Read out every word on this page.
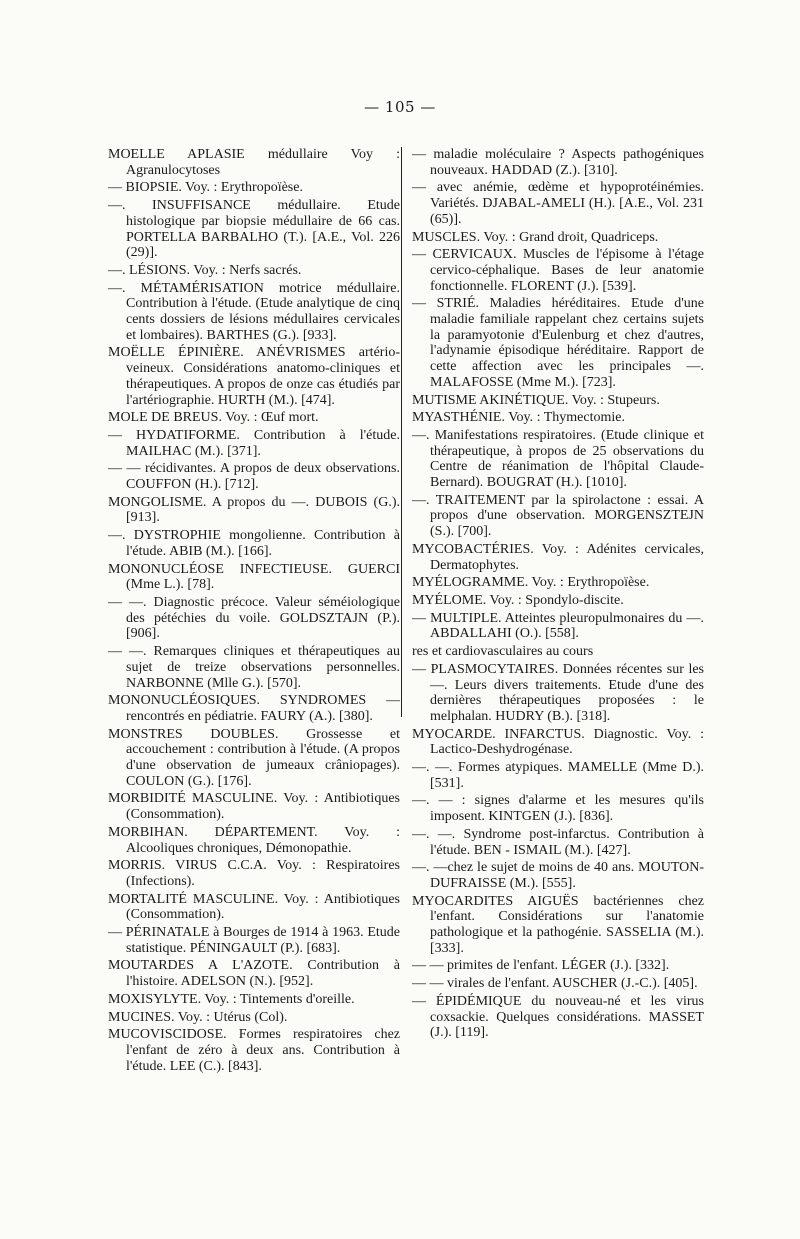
— 105 —

MOELLE APLASIE médullaire Voy : Agranulocytoses

— BIOPSIE. Voy. : Erythropoïèse.

—. INSUFFISANCE médullaire. Etude histologique par biopsie médullaire de 66 cas. PORTELLA BARBALHO (T.). [A.E., Vol. 226 (29)].

—. LÉSIONS. Voy. : Nerfs sacrés.

—. MÉTAMÉRISATION motrice médullaire. Contribution à l'étude. (Etude analytique de cinq cents dossiers de lésions médullaires cervicales et lombaires). BARTHES (G.). [933].

MOËLLE ÉPINIÈRE. ANÉVRISMES artério-veineux. Considérations anatomo-cliniques et thérapeutiques. A propos de onze cas étudiés par l'artériographie. HURTH (M.). [474].

MOLE DE BREUS. Voy. : Œuf mort.

— HYDATIFORME. Contribution à l'étude. MAILHAC (M.). [371].

— — récidivantes. A propos de deux observations. COUFFON (H.). [712].

MONGOLISME. A propos du —. DUBOIS (G.). [913].

—. DYSTROPHIE mongolienne. Contribution à l'étude. ABIB (M.). [166].

MONONUCLÉOSE INFECTIEUSE. GUERCI (Mme L.). [78].

— —. Diagnostic précoce. Valeur séméiologique des pétéchies du voile. GOLDSZTAJN (P.). [906].

— —. Remarques cliniques et thérapeutiques au sujet de treize observations personnelles. NARBONNE (Mlle G.). [570].

MONONUCLÉOSIQUES. SYNDROMES — rencontrés en pédiatrie. FAURY (A.). [380].

MONSTRES DOUBLES. Grossesse et accouchement : contribution à l'étude. (A propos d'une observation de jumeaux crâniopages). COULON (G.). [176].

MORBIDITÉ MASCULINE. Voy. : Antibiotiques (Consommation).

MORBIHAN. DÉPARTEMENT. Voy. : Alcooliques chroniques, Démonopathie.

MORRIS. VIRUS C.C.A. Voy. : Respiratoires (Infections).

MORTALITÉ MASCULINE. Voy. : Antibiotiques (Consommation).

— PÉRINATALE à Bourges de 1914 à 1963. Etude statistique. PÉNINGAULT (P.). [683].

MOUTARDES A L'AZOTE. Contribution à l'histoire. ADELSON (N.). [952].

MOXISYLYTE. Voy. : Tintements d'oreille.

MUCINES. Voy. : Utérus (Col).

MUCOVISCIDOSE. Formes respiratoires chez l'enfant de zéro à deux ans. Contribution à l'étude. LEE (C.). [843].

— maladie moléculaire ? Aspects pathogéniques nouveaux. HADDAD (Z.). [310].

— avec anémie, œdème et hypoprotéinémies. Variétés. DJABAL-AMELI (H.). [A.E., Vol. 231 (65)].

MUSCLES. Voy. : Grand droit, Quadriceps.

— CERVICAUX. Muscles de l'épisome à l'étage cervico-céphalique. Bases de leur anatomie fonctionnelle. FLORENT (J.). [539].

— STRIÉ. Maladies héréditaires. Etude d'une maladie familiale rappelant chez certains sujets la paramyotonie d'Eulenburg et chez d'autres, l'adynamie épisodique héréditaire. Rapport de cette affection avec les principales —. MALAFOSSE (Mme M.). [723].

MUTISME AKINÉTIQUE. Voy. : Stupeurs.

MYASTHÉNIE. Voy. : Thymectomie.

—. Manifestations respiratoires. (Etude clinique et thérapeutique, à propos de 25 observations du Centre de réanimation de l'hôpital Claude-Bernard). BOUGRAT (H.). [1010].

—. TRAITEMENT par la spirolactone : essai. A propos d'une observation. MORGENSZTEJN (S.). [700].

MYCOBACTÉRIES. Voy. : Adénites cervicales, Dermatophytes.

MYÉLOGRAMME. Voy. : Erythropoïèse.

MYÉLOME. Voy. : Spondylo-discite.

— MULTIPLE. Atteintes pleuropulmonaires du —. ABDALLAHI (O.). [558].

res et cardiovasculaires au cours

— PLASMOCYTAIRES. Données récentes sur les —. Leurs divers traitements. Etude d'une des dernières thérapeutiques proposées : le melphalan. HUDRY (B.). [318].

MYOCARDE. INFARCTUS. Diagnostic. Voy. : Lactico-Deshydrogénase.

—. —. Formes atypiques. MAMELLE (Mme D.). [531].

—. — : signes d'alarme et les mesures qu'ils imposent. KINTGEN (J.). [836].

—. —. Syndrome post-infarctus. Contribution à l'étude. BEN - ISMAIL (M.). [427].

—. —chez le sujet de moins de 40 ans. MOUTON-DUFRAISSE (M.). [555].

MYOCARDITES AIGUËS bactériennes chez l'enfant. Considérations sur l'anatomie pathologique et la pathogénie. SASSELIA (M.). [333].

— — primites de l'enfant. LÉGER (J.). [332].

— — virales de l'enfant. AUSCHER (J.-C.). [405].

— ÉPIDÉMIQUE du nouveau-né et les virus coxsackie. Quelques considérations. MASSET (J.). [119].
